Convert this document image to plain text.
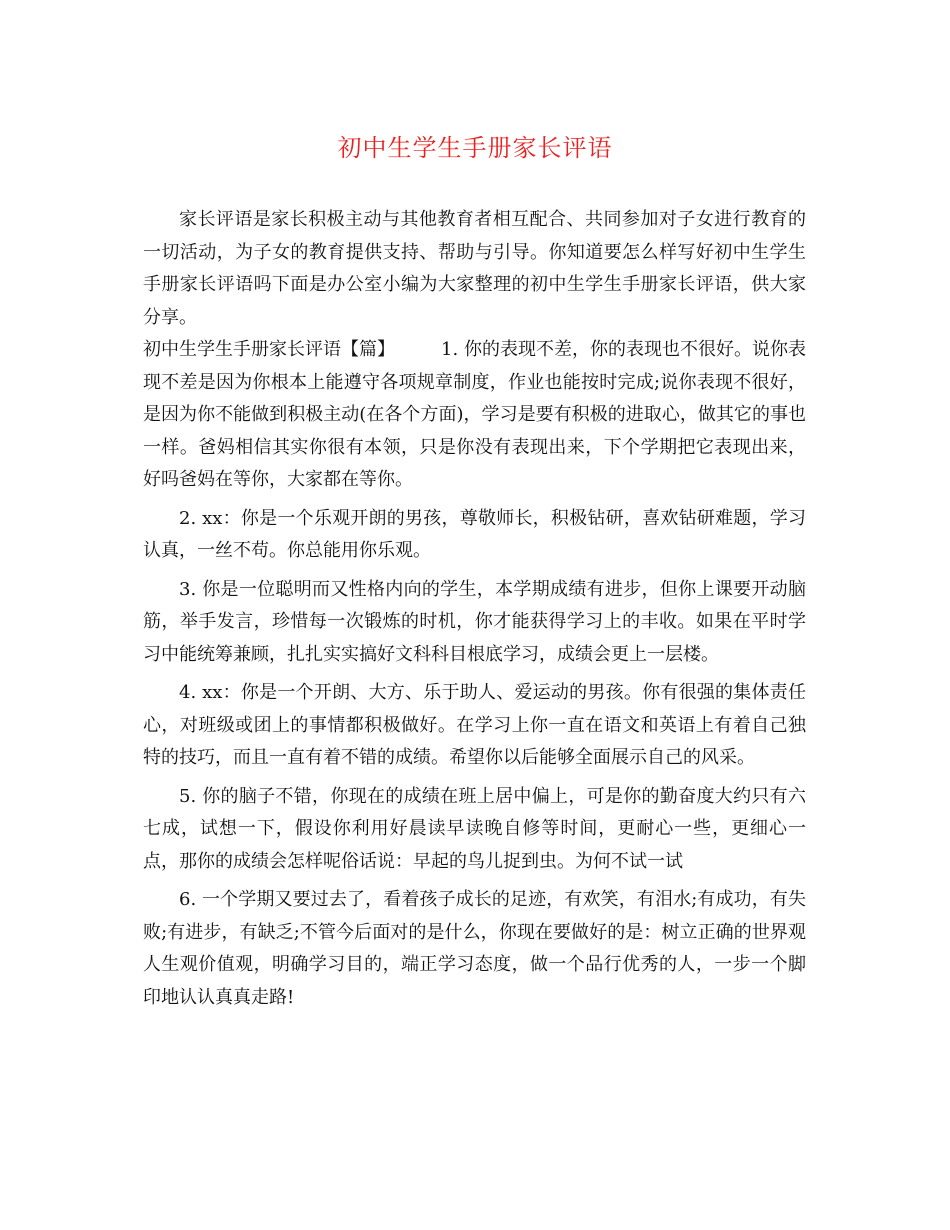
初中生学生手册家长评语

家长评语是家长积极主动与其他教育者相互配合、共同参加对子女进行教育的一切活动，为子女的教育提供支持、帮助与引导。你知道要怎么样写好初中生学生手册家长评语吗下面是办公室小编为大家整理的初中生学生手册家长评语，供大家分享。

初中生学生手册家长评语【篇】	1. 你的表现不差，你的表现也不很好。说你表现不差是因为你根本上能遵守各项规章制度，作业也能按时完成;说你表现不很好，是因为你不能做到积极主动(在各个方面)，学习是要有积极的进取心，做其它的事也一样。爸妈相信其实你很有本领，只是你没有表现出来，下个学期把它表现出来，好吗爸妈在等你，大家都在等你。

2. xx：你是一个乐观开朗的男孩，尊敬师长，积极钻研，喜欢钻研难题，学习认真，一丝不苟。你总能用你乐观。

3. 你是一位聪明而又性格内向的学生，本学期成绩有进步，但你上课要开动脑筋，举手发言，珍惜每一次锻炼的时机，你才能获得学习上的丰收。如果在平时学习中能统筹兼顾，扎扎实实搞好文科科目根底学习，成绩会更上一层楼。

4. xx：你是一个开朗、大方、乐于助人、爱运动的男孩。你有很强的集体责任心，对班级或团上的事情都积极做好。在学习上你一直在语文和英语上有着自己独特的技巧，而且一直有着不错的成绩。希望你以后能够全面展示自己的风采。

5. 你的脑子不错，你现在的成绩在班上居中偏上，可是你的勤奋度大约只有六七成，试想一下，假设你利用好晨读早读晚自修等时间，更耐心一些，更细心一点，那你的成绩会怎样呢俗话说：早起的鸟儿捉到虫。为何不试一试

6. 一个学期又要过去了，看着孩子成长的足迹，有欢笑，有泪水;有成功，有失败;有进步，有缺乏;不管今后面对的是什么，你现在要做好的是：树立正确的世界观人生观价值观，明确学习目的，端正学习态度，做一个品行优秀的人，一步一个脚印地认认真真走路!
